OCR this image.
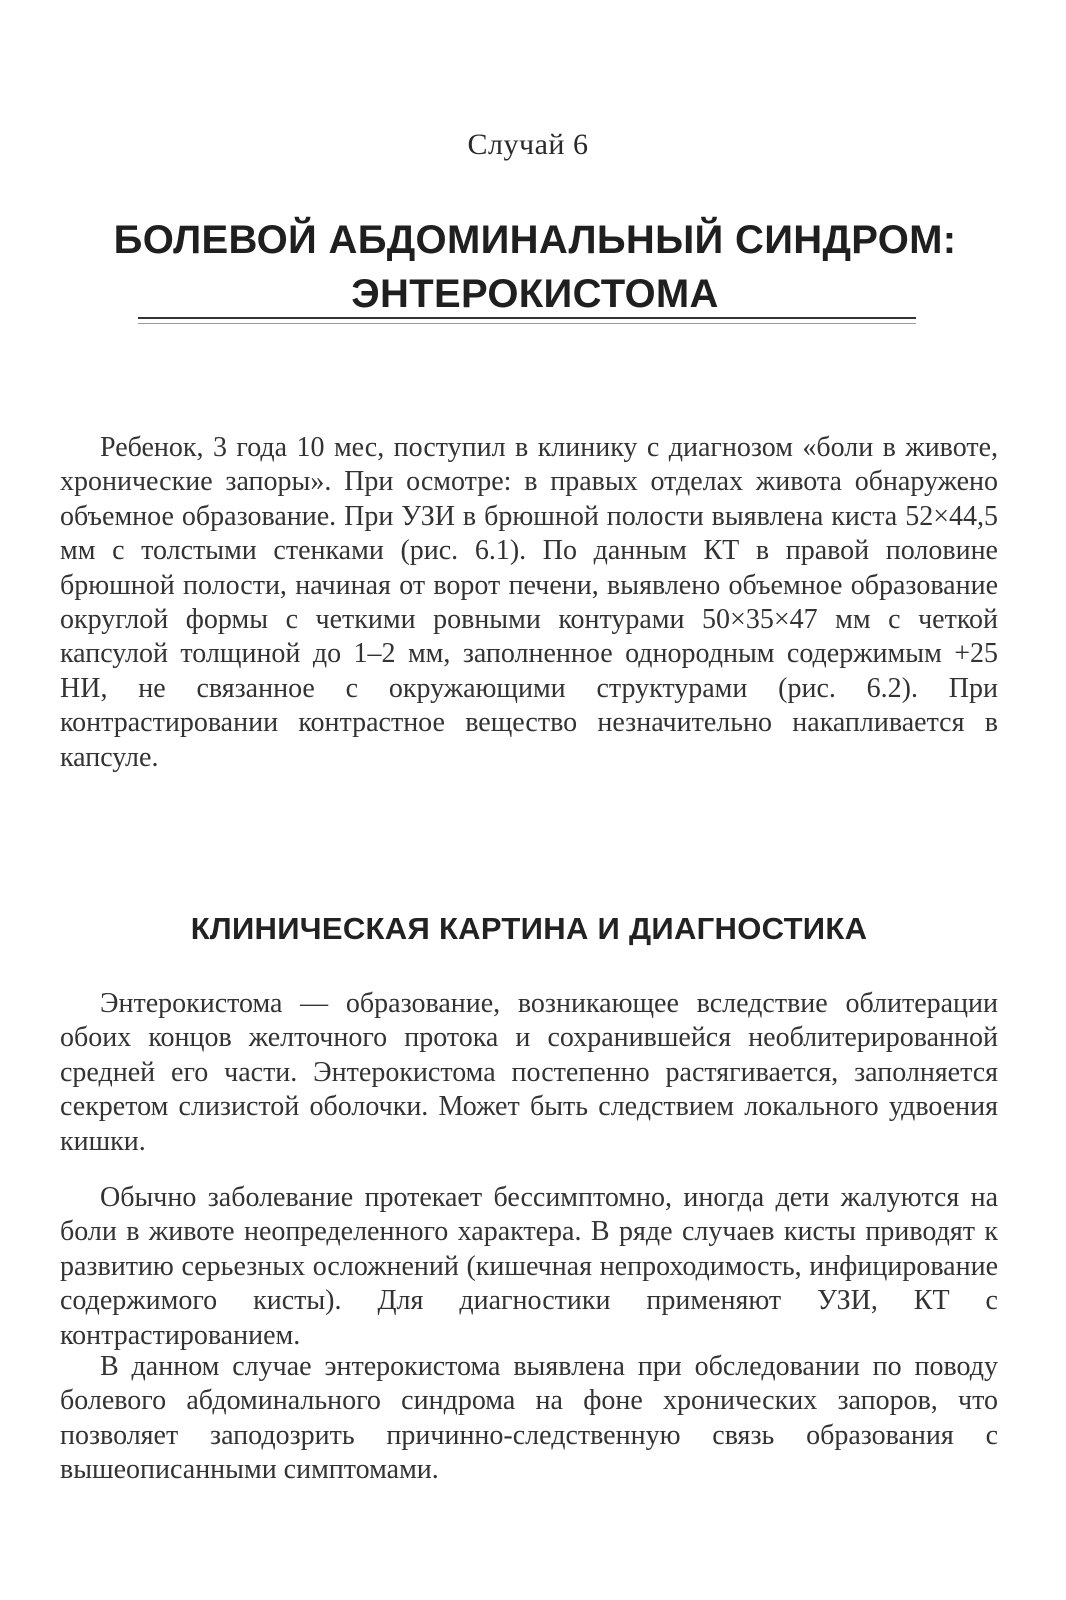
Случай 6
БОЛЕВОЙ АБДОМИНАЛЬНЫЙ СИНДРОМ:
ЭНТЕРОКИСТОМА

Ребенок, 3 года 10 мес, поступил в клинику с диагнозом «боли в животе, хронические запоры». При осмотре: в правых отделах живота обнаружено объемное образование. При УЗИ в брюшной полости выявлена киста 52×44,5 мм с толстыми стенками (рис. 6.1). По данным КТ в правой половине брюшной полости, начиная от ворот печени, выявлено объемное образование округлой формы с четкими ровными контурами 50×35×47 мм с четкой капсулой толщиной до 1–2 мм, заполненное однородным содержимым +25 HИ, не связанное с окружающими структурами (рис. 6.2). При контрастировании контрастное вещество незначительно накапливается в капсуле.

КЛИНИЧЕСКАЯ КАРТИНА И ДИАГНОСТИКА

Энтерокистома — образование, возникающее вследствие облитерации обоих концов желточного протока и сохранившейся необлитерированной средней его части. Энтерокистома постепенно растягивается, заполняется секретом слизистой оболочки. Может быть следствием локального удвоения кишки.

Обычно заболевание протекает бессимптомно, иногда дети жалуются на боли в животе неопределенного характера. В ряде случаев кисты приводят к развитию серьезных осложнений (кишечная непроходимость, инфицирование содержимого кисты). Для диагностики применяют УЗИ, КТ с контрастированием.

В данном случае энтерокистома выявлена при обследовании по поводу болевого абдоминального синдрома на фоне хронических запоров, что позволяет заподозрить причинно-следственную связь образования с вышеописанными симптомами.
